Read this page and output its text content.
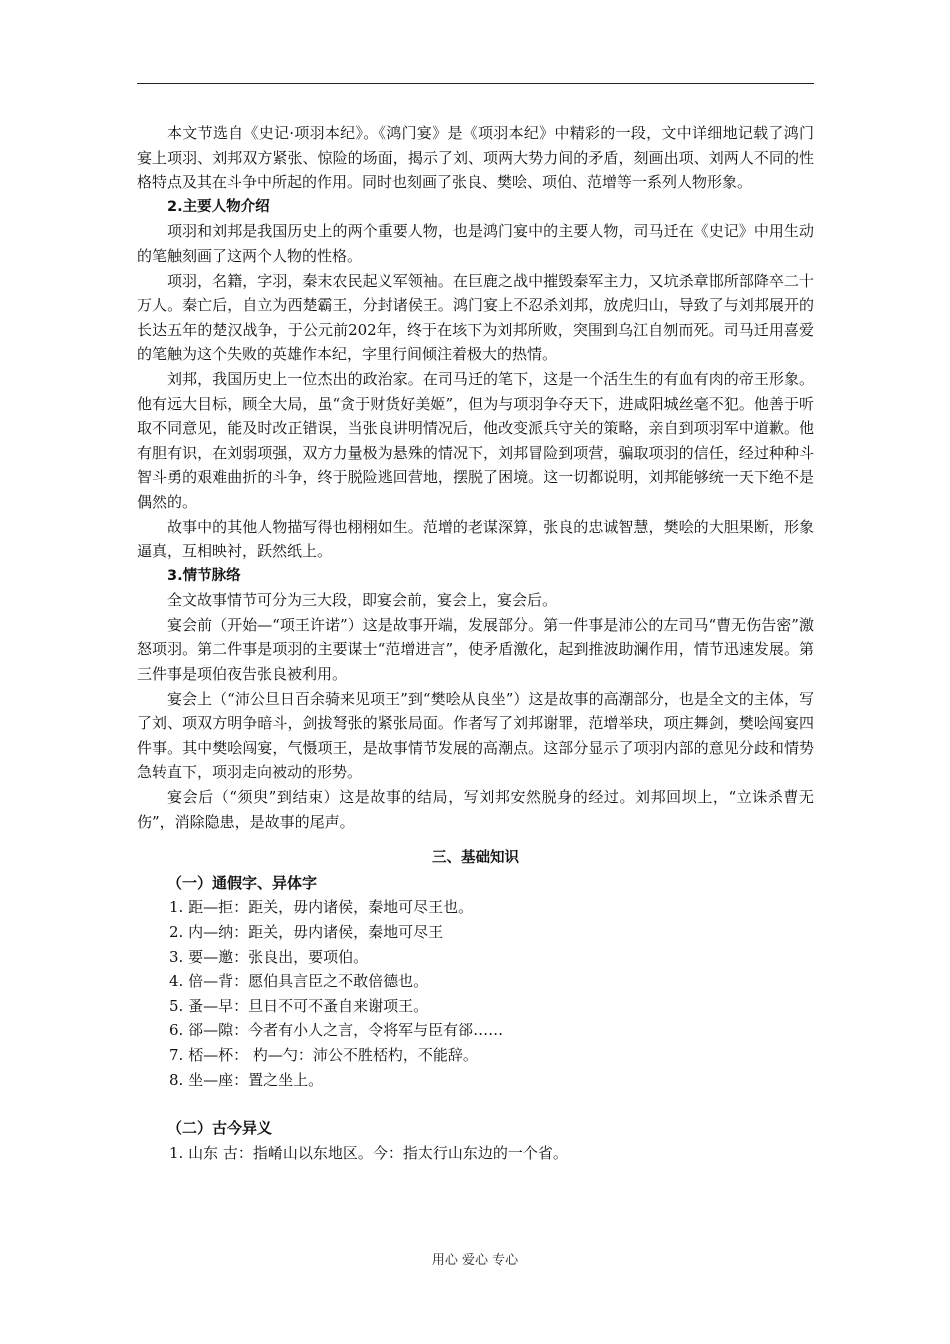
本文节选自《史记·项羽本纪》。《鸿门宴》是《项羽本纪》中精彩的一段，文中详细地记载了鸿门宴上项羽、刘邦双方紧张、惊险的场面，揭示了刘、项两大势力间的矛盾，刻画出项、刘两人不同的性格特点及其在斗争中所起的作用。同时也刻画了张良、樊哙、项伯、范增等一系列人物形象。

2.主要人物介绍

项羽和刘邦是我国历史上的两个重要人物，也是鸿门宴中的主要人物，司马迁在《史记》中用生动的笔触刻画了这两个人物的性格。

项羽，名籍，字羽，秦末农民起义军领袖。在巨鹿之战中摧毁秦军主力，又坑杀章邯所部降卒二十万人。秦亡后，自立为西楚霸王，分封诸侯王。鸿门宴上不忍杀刘邦，放虎归山，导致了与刘邦展开的长达五年的楚汉战争，于公元前202年，终于在垓下为刘邦所败，突围到乌江自刎而死。司马迁用喜爱的笔触为这个失败的英雄作本纪，字里行间倾注着极大的热情。

刘邦，我国历史上一位杰出的政治家。在司马迁的笔下，这是一个活生生的有血有肉的帝王形象。他有远大目标，顾全大局，虽“贪于财货好美姬”，但为与项羽争夺天下，进咸阳城丝毫不犯。他善于听取不同意见，能及时改正错误，当张良讲明情况后，他改变派兵守关的策略，亲自到项羽军中道歉。他有胆有识，在刘弱项强，双方力量极为悬殊的情况下，刘邦冒险到项营，骗取项羽的信任，经过种种斗智斗勇的艰难曲折的斗争，终于脱险逃回营地，摆脱了困境。这一切都说明，刘邦能够统一天下绝不是偶然的。

故事中的其他人物描写得也栩栩如生。范增的老谋深算，张良的忠诚智慧，樊哙的大胆果断，形象逼真，互相映衬，跃然纸上。

3.情节脉络

全文故事情节可分为三大段，即宴会前，宴会上，宴会后。

宴会前（开始—“项王许诺”）这是故事开端，发展部分。第一件事是沛公的左司马“曹无伤告密”激怒项羽。第二件事是项羽的主要谋士“范增进言”，使矛盾激化，起到推波助澜作用，情节迅速发展。第三件事是项伯夜告张良被利用。

宴会上（“沛公旦日百余骑来见项王”到“樊哙从良坐”）这是故事的高潮部分，也是全文的主体，写了刘、项双方明争暗斗，剑拔弩张的紧张局面。作者写了刘邦谢罪，范增举玦，项庄舞剑，樊哙闯宴四件事。其中樊哙闯宴，气慑项王，是故事情节发展的高潮点。这部分显示了项羽内部的意见分歧和情势急转直下，项羽走向被动的形势。

宴会后（“须臾”到结束）这是故事的结局，写刘邦安然脱身的经过。刘邦回坝上，“立诛杀曹无伤”，消除隐患，是故事的尾声。

三、基础知识

（一）通假字、异体字

1. 距—拒：距关，毋内诸侯，秦地可尽王也。

2. 内—纳：距关，毋内诸侯，秦地可尽王

3. 要—邀：张良出，要项伯。

4. 倍—背：愿伯具言臣之不敢倍德也。

5. 蚤—早：旦日不可不蚤自来谢项王。

6. 郤—隙：今者有小人之言，令将军与臣有郤……

7. 桮—杯： 杓—勺：沛公不胜桮杓，不能辞。

8. 坐—座：置之坐上。

（二）古今异义

1. 山东 古：指崤山以东地区。今：指太行山东边的一个省。

用心 爱心 专心
